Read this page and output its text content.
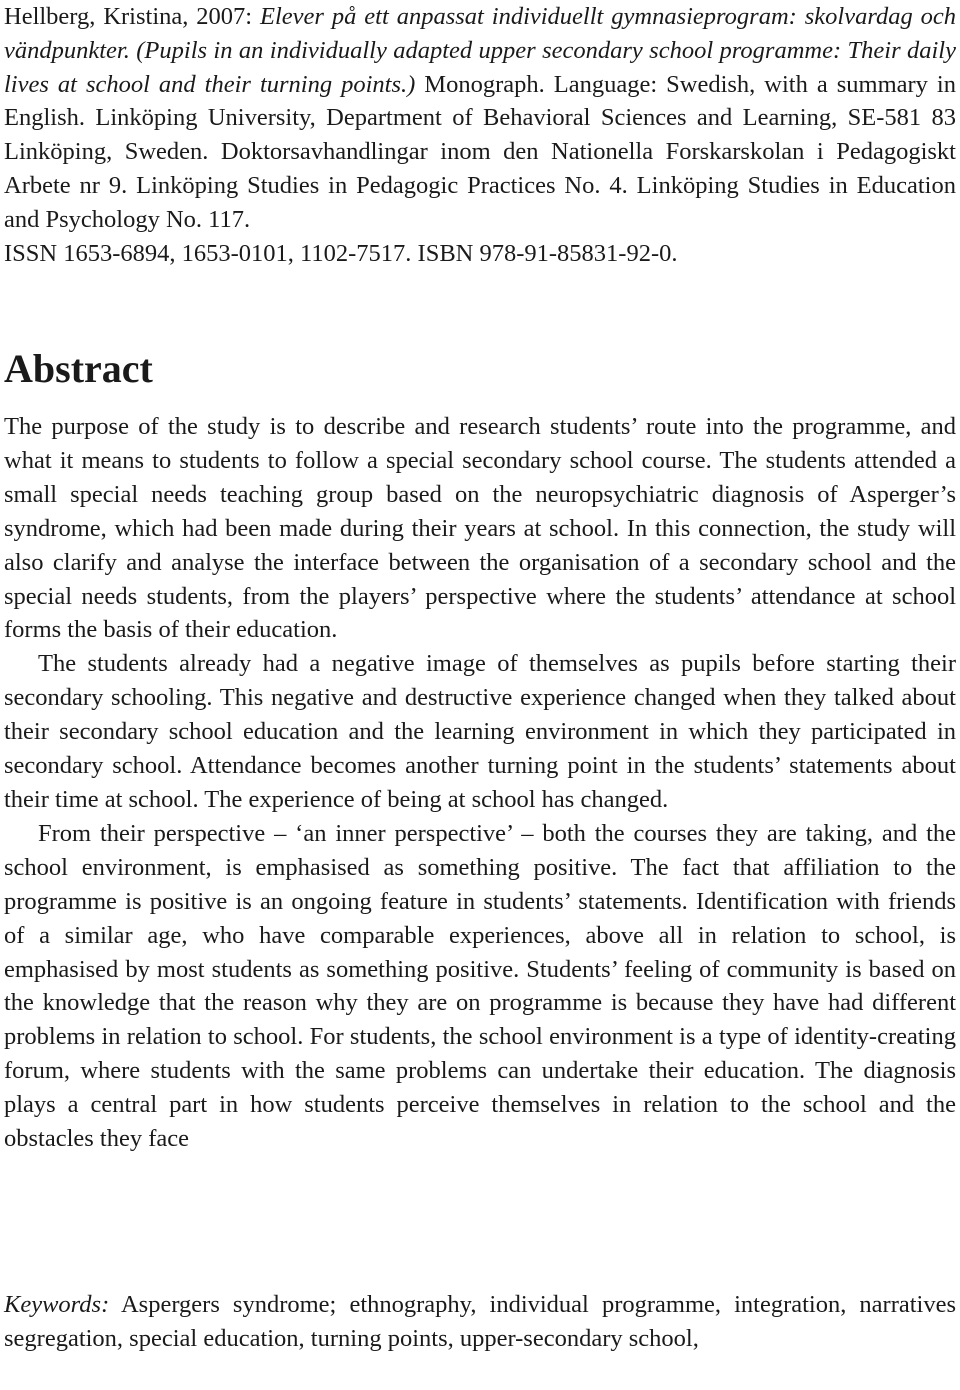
Hellberg, Kristina, 2007: Elever på ett anpassat individuellt gymnasieprogram: skolvardag och vändpunkter. (Pupils in an individually adapted upper secondary school programme: Their daily lives at school and their turning points.) Monograph. Language: Swedish, with a summary in English. Linköping University, Department of Behavioral Sciences and Learning, SE-581 83 Linköping, Sweden. Doktorsavhandlingar inom den Nationella Forskarskolan i Pedagogiskt Arbete nr 9. Linköping Studies in Pedagogic Practices No. 4. Linköping Studies in Education and Psychology No. 117.
ISSN 1653-6894, 1653-0101, 1102-7517. ISBN 978-91-85831-92-0.
Abstract

The purpose of the study is to describe and research students’ route into the programme, and what it means to students to follow a special secondary school course. The students attended a small special needs teaching group based on the neuropsychiatric diagnosis of Asperger’s syndrome, which had been made during their years at school. In this connection, the study will also clarify and analyse the interface between the organisation of a secondary school and the special needs students, from the players’ perspective where the students’ attendance at school forms the basis of their education.

The students already had a negative image of themselves as pupils before starting their secondary schooling. This negative and destructive experience changed when they talked about their secondary school education and the learning environment in which they participated in secondary school. Attendance becomes another turning point in the students’ statements about their time at school. The experience of being at school has changed.

From their perspective – ‘an inner perspective’ – both the courses they are taking, and the school environment, is emphasised as something positive. The fact that affiliation to the programme is positive is an ongoing feature in students’ statements. Identification with friends of a similar age, who have comparable experiences, above all in relation to school, is emphasised by most students as something positive. Students’ feeling of community is based on the knowledge that the reason why they are on programme is because they have had different problems in relation to school. For students, the school environment is a type of identity-creating forum, where students with the same problems can undertake their education. The diagnosis plays a central part in how students perceive themselves in relation to the school and the obstacles they face

Keywords: Aspergers syndrome; ethnography, individual programme, integration, narratives segregation, special education, turning points, upper-secondary school,
